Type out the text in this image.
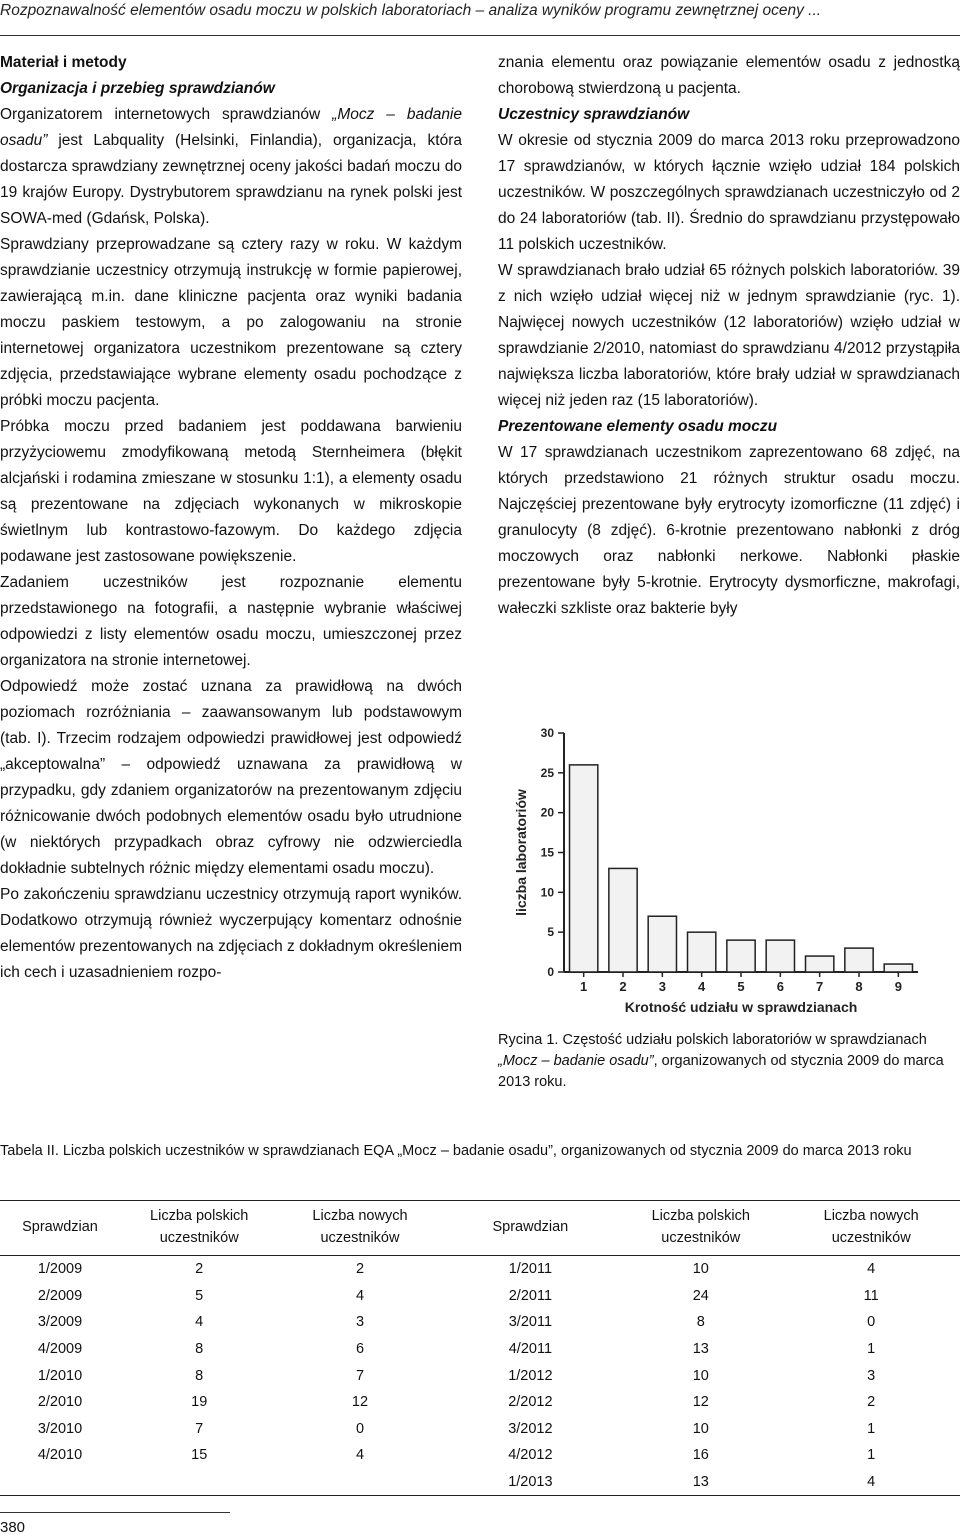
Rozpoznawalność elementów osadu moczu w polskich laboratoriach – analiza wyników programu zewnętrznej oceny ...

Materiał i metody

Organizacja i przebieg sprawdzianów

Organizatorem internetowych sprawdzianów „Mocz – badanie osadu” jest Labquality (Helsinki, Finlandia), organizacja, która dostarcza sprawdziany zewnętrznej oceny jakości badań moczu do 19 krajów Europy. Dystrybutorem sprawdzianu na rynek polski jest SOWA-med (Gdańsk, Polska).

Sprawdziany przeprowadzane są cztery razy w roku. W każdym sprawdzianie uczestnicy otrzymują instrukcję w formie papierowej, zawierającą m.in. dane kliniczne pacjenta oraz wyniki badania moczu paskiem testowym, a po zalogowaniu na stronie internetowej organizatora uczestnikom prezentowane są cztery zdjęcia, przedstawiające wybrane elementy osadu pochodzące z próbki moczu pacjenta.

Próbka moczu przed badaniem jest poddawana barwieniu przyżyciowemu zmodyfikowaną metodą Sternheimera (błękit alcjański i rodamina zmieszane w stosunku 1:1), a elementy osadu są prezentowane na zdjęciach wykonanych w mikroskopie świetlnym lub kontrastowo-fazowym. Do każdego zdjęcia podawane jest zastosowane powiększenie.

Zadaniem uczestników jest rozpoznanie elementu przedstawionego na fotografii, a następnie wybranie właściwej odpowiedzi z listy elementów osadu moczu, umieszczonej przez organizatora na stronie internetowej.

Odpowiedź może zostać uznana za prawidłową na dwóch poziomach rozróżniania – zaawansowanym lub podstawowym (tab. I). Trzecim rodzajem odpowiedzi prawidłowej jest odpowiedź „akceptowalna” – odpowiedź uznawana za prawidłową w przypadku, gdy zdaniem organizatorów na prezentowanym zdjęciu różnicowanie dwóch podobnych elementów osadu było utrudnione (w niektórych przypadkach obraz cyfrowy nie odzwierciedla dokładnie subtelnych różnic między elementami osadu moczu).

Po zakończeniu sprawdzianu uczestnicy otrzymują raport wyników. Dodatkowo otrzymują również wyczerpujący komentarz odnośnie elementów prezentowanych na zdjęciach z dokładnym określeniem ich cech i uzasadnieniem rozpo-

znania elementu oraz powiązanie elementów osadu z jednostką chorobową stwierdzoną u pacjenta.

Uczestnicy sprawdzianów

W okresie od stycznia 2009 do marca 2013 roku przeprowadzono 17 sprawdzianów, w których łącznie wzięło udział 184 polskich uczestników. W poszczególnych sprawdzianach uczestniczyło od 2 do 24 laboratoriów (tab. II). Średnio do sprawdzianu przystępowało 11 polskich uczestników.

W sprawdzianach brało udział 65 różnych polskich laboratoriów. 39 z nich wzięło udział więcej niż w jednym sprawdzianie (ryc. 1). Najwięcej nowych uczestników (12 laboratoriów) wzięło udział w sprawdzianie 2/2010, natomiast do sprawdzianu 4/2012 przystąpiła największa liczba laboratoriów, które brały udział w sprawdzianach więcej niż jeden raz (15 laboratoriów).

Prezentowane elementy osadu moczu

W 17 sprawdzianach uczestnikom zaprezentowano 68 zdjęć, na których przedstawiono 21 różnych struktur osadu moczu. Najczęściej prezentowane były erytrocyty izomorficzne (11 zdjęć) i granulocyty (8 zdjęć). 6-krotnie prezentowano nabłonki z dróg moczowych oraz nabłonki nerkowe. Nabłonki płaskie prezentowane były 5-krotnie. Erytrocyty dysmorficzne, makrofagi, wałeczki szkliste oraz bakterie były

0
5
10
15
20
25
30
1 2 3 4 5 6 7 8 9
Krotność udziału w sprawdzianach
liczba laboratoriów
Rycina 1. Częstość udziału polskich laboratoriów w sprawdzianach „Mocz – badanie osadu”, organizowanych od stycznia 2009 do marca 2013 roku.
Tabela II. Liczba polskich uczestników w sprawdzianach EQA „Mocz – badanie osadu”, organizowanych od stycznia 2009 do marca 2013 roku
Sprawdzian	Liczba polskich uczestników	Liczba nowych uczestników	Sprawdzian	Liczba polskich uczestników	Liczba nowych uczestników
1/2009	2	2	1/2011	10	4
2/2009	5	4	2/2011	24	11
3/2009	4	3	3/2011	8	0
4/2009	8	6	4/2011	13	1
1/2010	8	7	1/2012	10	3
2/2010	19	12	2/2012	12	2
3/2010	7	0	3/2012	10	1
4/2010	15	4	4/2012	16	1
			1/2013	13	4
380
